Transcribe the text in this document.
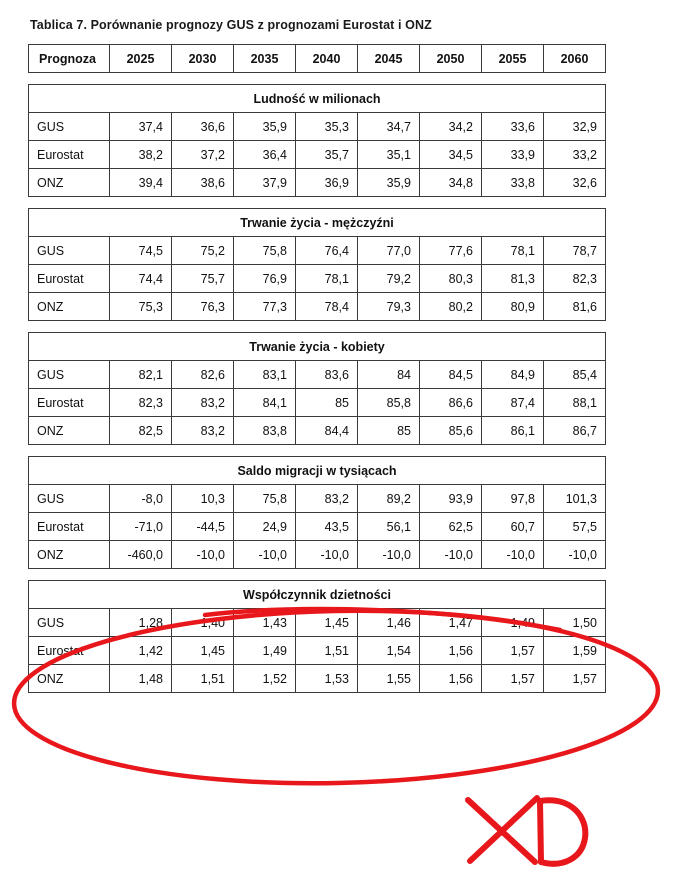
Tablica 7. Porównanie prognozy GUS z prognozami Eurostat i ONZ
Prognoza	2025	2030	2035	2040	2045	2050	2055	2060

Ludność w milionach								
GUS	37,4	36,6	35,9	35,3	34,7	34,2	33,6	32,9
Eurostat	38,2	37,2	36,4	35,7	35,1	34,5	33,9	33,2
ONZ	39,4	38,6	37,9	36,9	35,9	34,8	33,8	32,6

Trwanie życia - mężczyźni								
GUS	74,5	75,2	75,8	76,4	77,0	77,6	78,1	78,7
Eurostat	74,4	75,7	76,9	78,1	79,2	80,3	81,3	82,3
ONZ	75,3	76,3	77,3	78,4	79,3	80,2	80,9	81,6

Trwanie życia - kobiety								
GUS	82,1	82,6	83,1	83,6	84	84,5	84,9	85,4
Eurostat	82,3	83,2	84,1	85	85,8	86,6	87,4	88,1
ONZ	82,5	83,2	83,8	84,4	85	85,6	86,1	86,7

Saldo migracji w tysiącach								
GUS	-8,0	10,3	75,8	83,2	89,2	93,9	97,8	101,3
Eurostat	-71,0	-44,5	24,9	43,5	56,1	62,5	60,7	57,5
ONZ	-460,0	-10,0	-10,0	-10,0	-10,0	-10,0	-10,0	-10,0

Współczynnik dzietności								
GUS	1,28	1,40	1,43	1,45	1,46	1,47	1,49	1,50
Eurostat	1,42	1,45	1,49	1,51	1,54	1,56	1,57	1,59
ONZ	1,48	1,51	1,52	1,53	1,55	1,56	1,57	1,57
